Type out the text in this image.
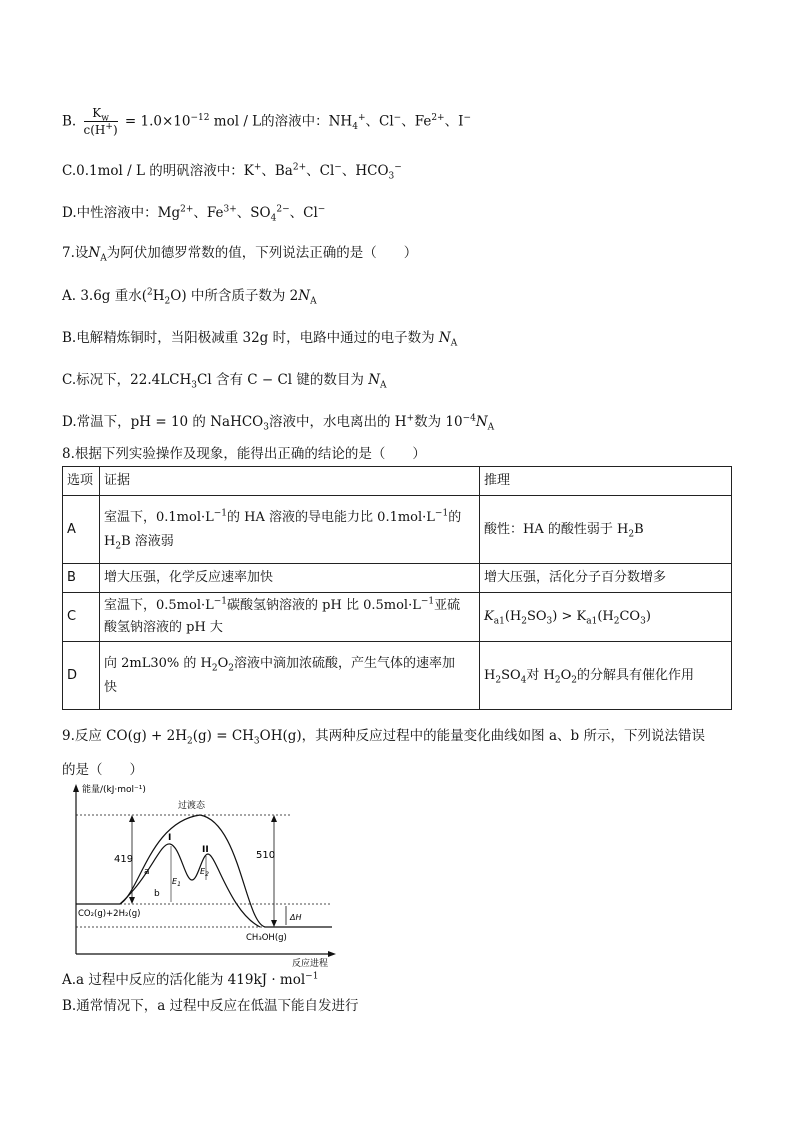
B. $\frac{K_w}{c(H^+)} = 1.0\times 10^{-12}$ mol / L的溶液中：$NH_4^+$、Cl−、$Fe^{2+}$、I−
C.0.1mol / L 的明矾溶液中：K+、$Ba^{2+}$、Cl−、$HCO_3^-$
D.中性溶液中：$Mg^{2+}$、$Fe^{3+}$、$SO_4^{2-}$、Cl−
7.设$N_A$为阿伏加德罗常数的值，下列说法正确的是（　　）
A. 3.6g 重水$(^2H_2O)$ 中所含质子数为 $2N_A$
B.电解精炼铜时，当阳极减重 32g 时，电路中通过的电子数为 $N_A$
C.标况下，$22.4LCH_3Cl$ 含有 C − Cl 键的数目为 $N_A$
D.常温下，pH = 10 的 NaHCO$_3$溶液中，水电离出的 H+数为 $10^{-4}N_A$
8.根据下列实验操作及现象，能得出正确的结论的是（　　）
选项	证据	推理
A	室温下，$0.1mol\cdot L^{-1}$的 HA 溶液的导电能力比 $0.1mol\cdot L^{-1}$的
$H_2B$ 溶液弱	酸性：HA 的酸性弱于 $H_2B$
B	增大压强，化学反应速率加快	增大压强，活化分子百分数增多
C	室温下，$0.5mol\cdot L^{-1}$碳酸氢钠溶液的 pH 比 $0.5mol\cdot L^{-1}$亚硫
酸氢钠溶液的 pH 大	$K_{a1}(H_2SO_3) > K_{a1}(H_2CO_3)$
D	向 2mL30% 的 $H_2O_2$溶液中滴加浓硫酸，产生气体的速率加
快	$H_2SO_4$对 $H_2O_2$的分解具有催化作用
9.反应 $CO(g) + 2H_2(g) = CH_3OH(g)$，其两种反应过程中的能量变化曲线如图 a、b 所示，下列说法错误
的是（　　）
能量/(kJ·mol⁻¹)
反应进程
419	510
ΔH
过渡态
I
II
a
b
$E_1$
$E_2$
CO₂(g)+2H₂(g)
CH₃OH(g)
A.a 过程中反应的活化能为 419kJ · mol$^{-1}$
B.通常情况下，a 过程中反应在低温下能自发进行
